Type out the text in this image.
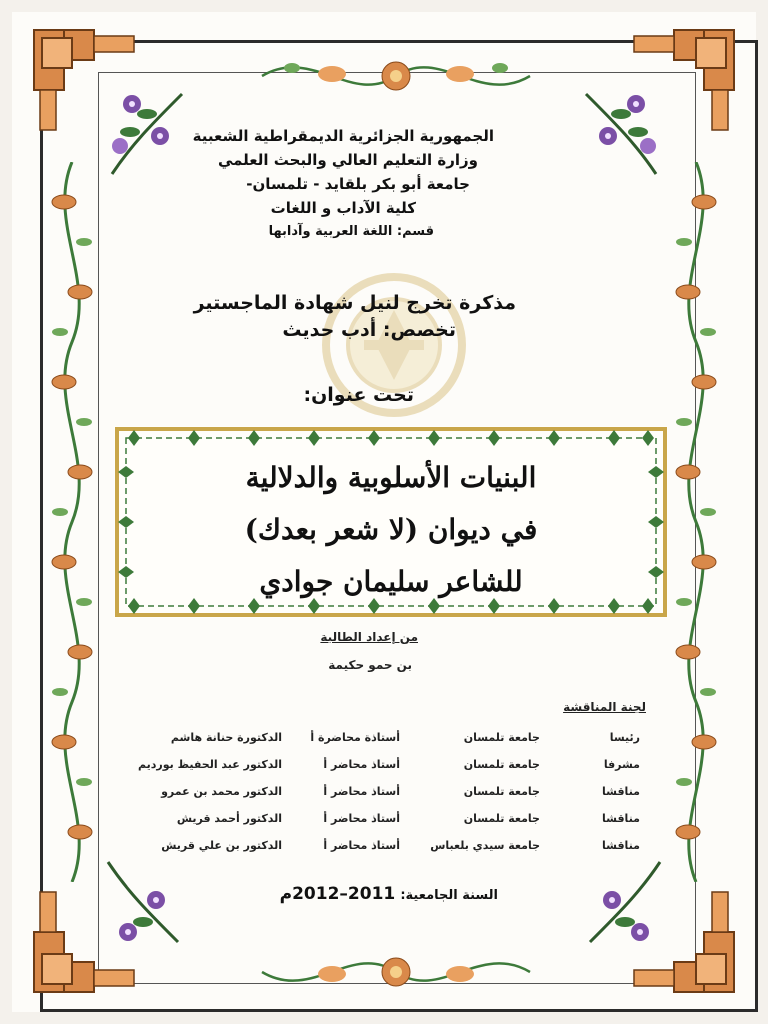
الجمهورية الجزائرية الديمقراطية الشعبية
وزارة التعليم العالي والبحث العلمي
جامعة أبو بكر بلقايد - تلمسان-
كلية الآداب و اللغات
قسم: اللغة العربية وآدابها
مذكرة تخرج لنيل شهادة الماجستير
تخصص: أدب حديث
تحت عنوان:
البنيات الأسلوبية والدلالية
في ديوان (لا شعر بعدك)
للشاعر سليمان جوادي
من إعداد الطالبة
بن حمو حكيمة
لجنة المناقشة
الدكتورة حنانة هاشم	أستاذة محاضرة أ	جامعة تلمسان	رئيسا
الدكتور عبد الحفيظ بورديم	أستاذ محاضر أ	جامعة تلمسان	مشرفا
الدكتور محمد بن عمرو	أستاذ محاضر أ	جامعة تلمسان	مناقشا
الدكتور أحمد قريش	أستاذ محاضر أ	جامعة تلمسان	مناقشا
الدكتور بن علي قريش	أستاذ محاضر أ	جامعة سيدي بلعباس	مناقشا
السنة الجامعية: 2011–2012م
